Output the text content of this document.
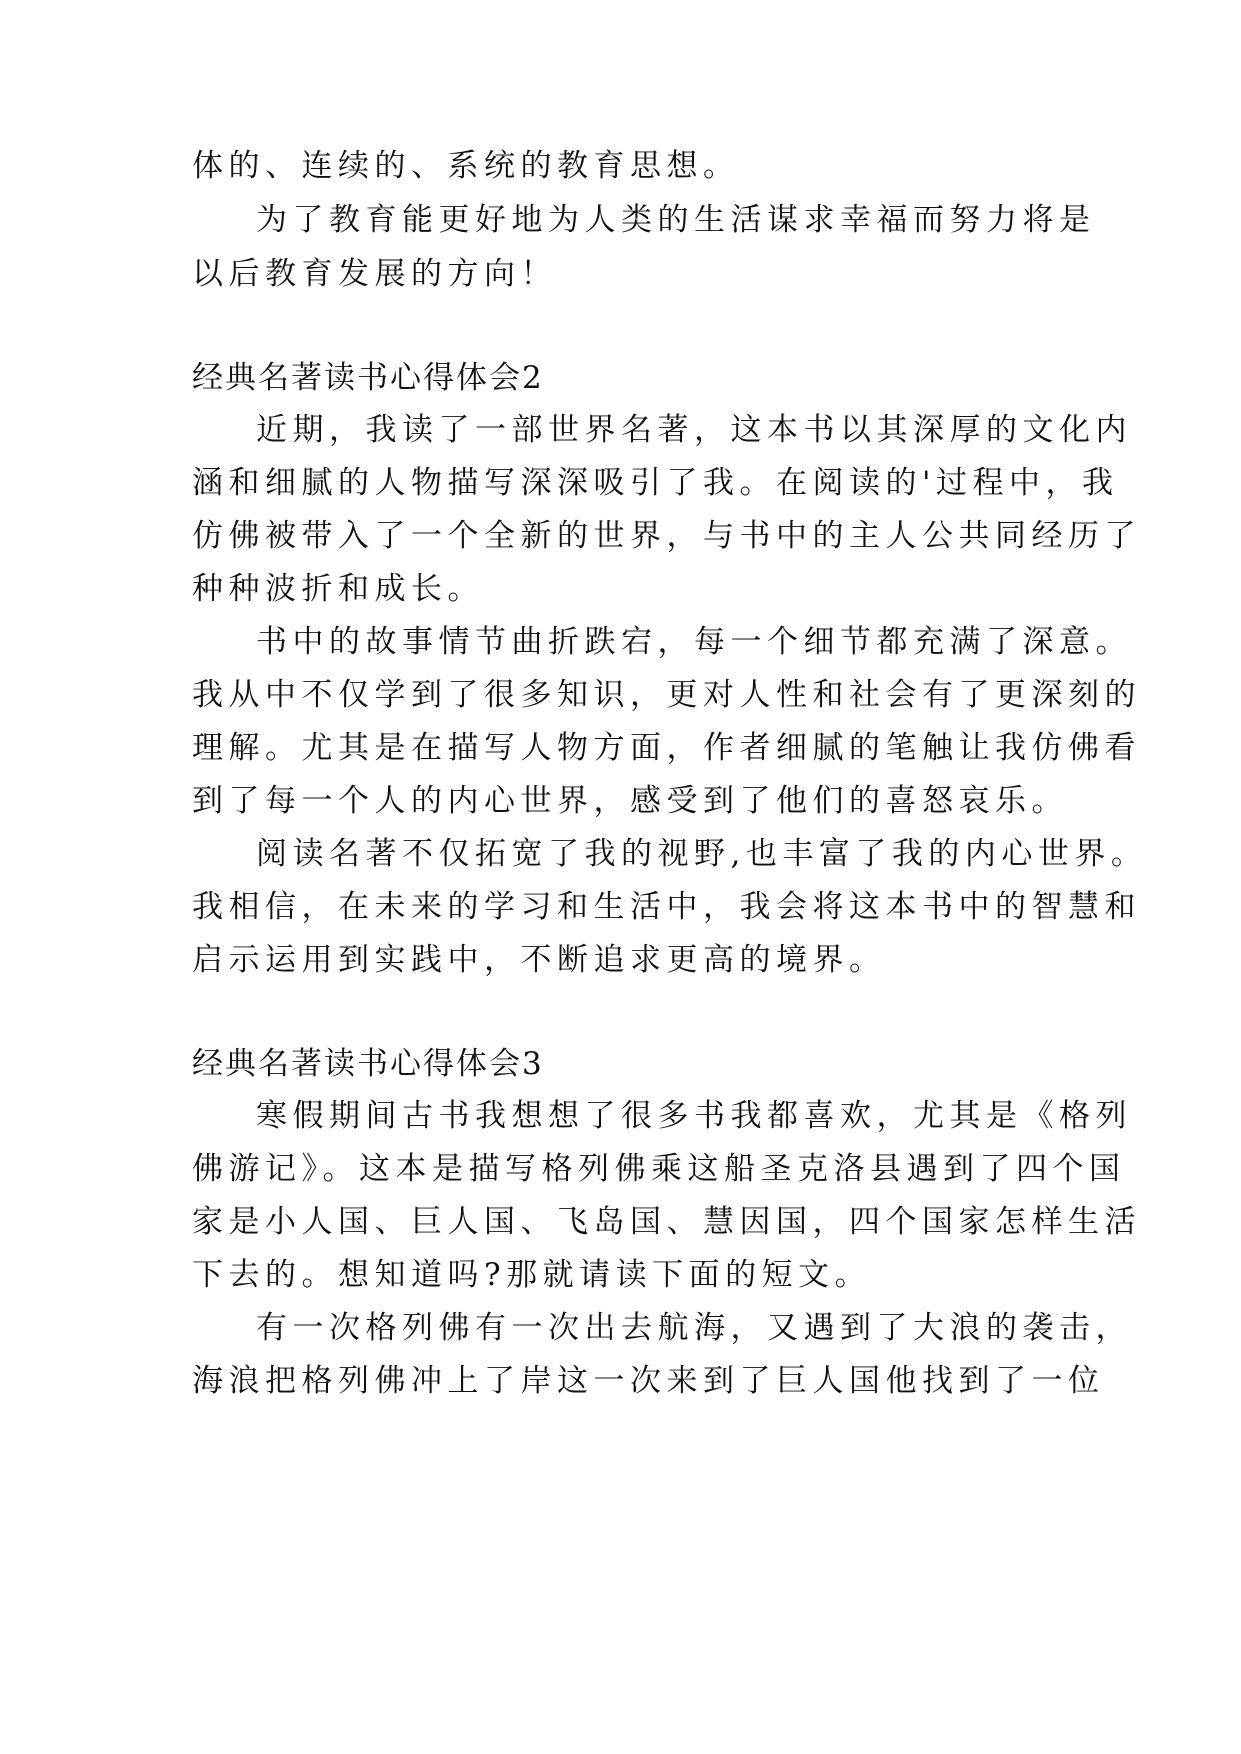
体的、连续的、系统的教育思想。
为了教育能更好地为人类的生活谋求幸福而努力将是
以后教育发展的方向！
经典名著读书心得体会2
近期，我读了一部世界名著，这本书以其深厚的文化内
涵和细腻的人物描写深深吸引了我。在阅读的'过程中，我
仿佛被带入了一个全新的世界，与书中的主人公共同经历了
种种波折和成长。
书中的故事情节曲折跌宕，每一个细节都充满了深意。
我从中不仅学到了很多知识，更对人性和社会有了更深刻的
理解。尤其是在描写人物方面，作者细腻的笔触让我仿佛看
到了每一个人的内心世界，感受到了他们的喜怒哀乐。
阅读名著不仅拓宽了我的视野,也丰富了我的内心世界。
我相信，在未来的学习和生活中，我会将这本书中的智慧和
启示运用到实践中，不断追求更高的境界。
经典名著读书心得体会3
寒假期间古书我想想了很多书我都喜欢，尤其是《格列
佛游记》。这本是描写格列佛乘这船圣克洛县遇到了四个国
家是小人国、巨人国、飞岛国、慧因国，四个国家怎样生活
下去的。想知道吗?那就请读下面的短文。
有一次格列佛有一次出去航海，又遇到了大浪的袭击，
海浪把格列佛冲上了岸这一次来到了巨人国他找到了一位
